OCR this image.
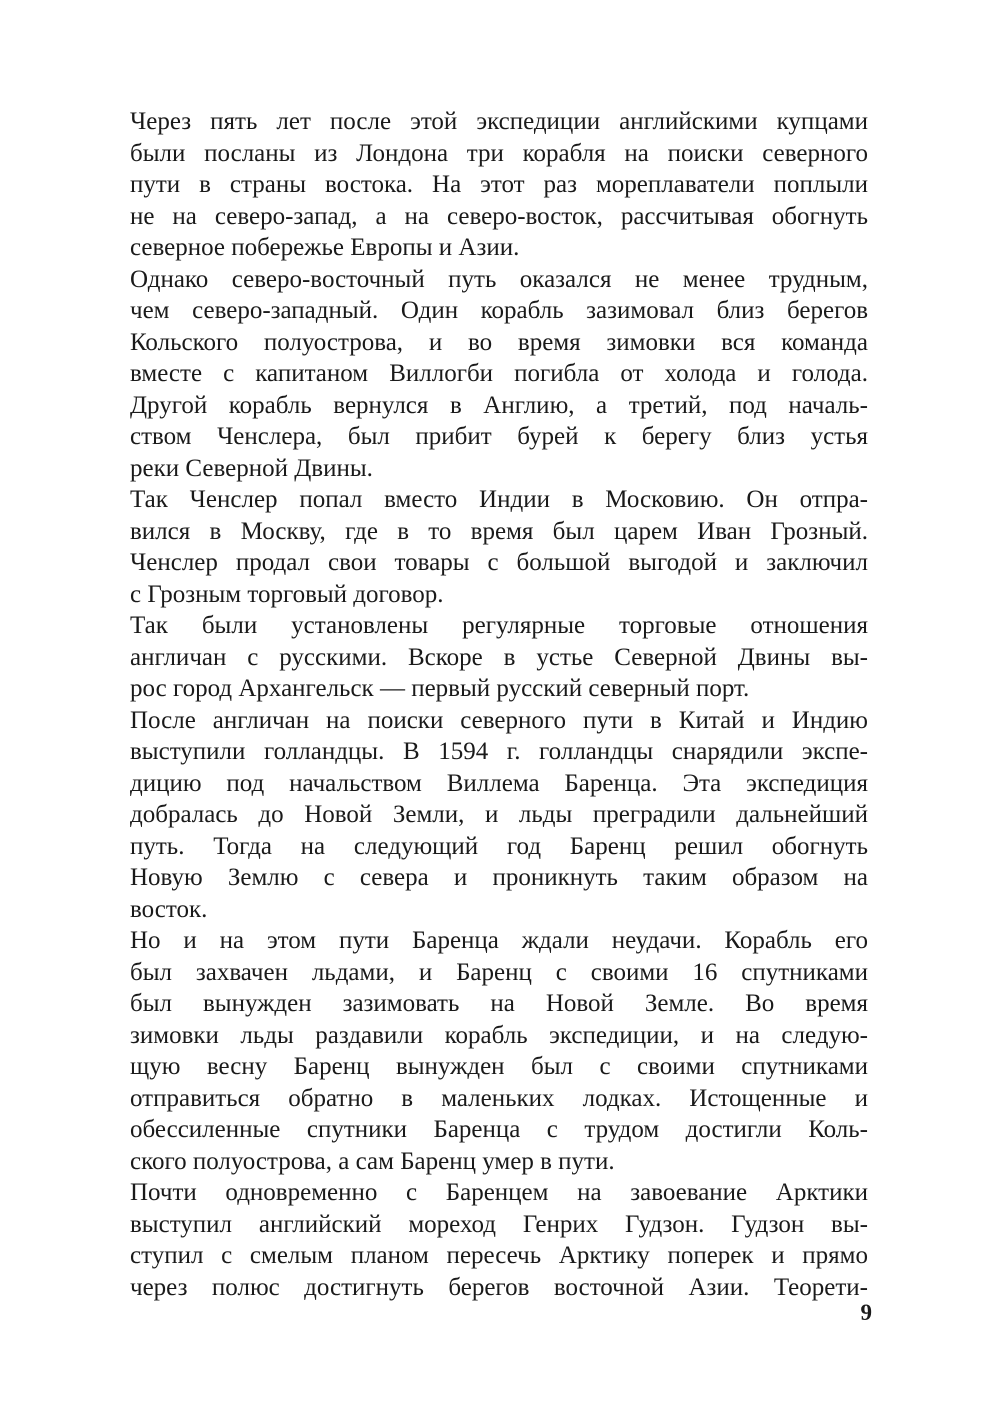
Через пять лет после этой экспедиции английскими купцами
были посланы из Лондона три корабля на поиски северного
пути в страны востока. На этот раз мореплаватели поплыли
не на северо-запад, а на северо-восток, рассчитывая обогнуть
северное побережье Европы и Азии.
Однако северо-восточный путь оказался не менее трудным,
чем северо-западный. Один корабль зазимовал близ берегов
Кольского полуострова, и во время зимовки вся команда
вместе с капитаном Виллогби погибла от холода и голода.
Другой корабль вернулся в Англию, а третий, под началь-
ством Ченслера, был прибит бурей к берегу близ устья
реки Северной Двины.
Так Ченслер попал вместо Индии в Московию. Он отпра-
вился в Москву, где в то время был царем Иван Грозный.
Ченслер продал свои товары с большой выгодой и заключил
с Грозным торговый договор.
Так были установлены регулярные торговые отношения
англичан с русскими. Вскоре в устье Северной Двины вы-
рос город Архангельск — первый русский северный порт.
После англичан на поиски северного пути в Китай и Индию
выступили голландцы. В 1594 г. голландцы снарядили экспе-
дицию под начальством Виллема Баренца. Эта экспедиция
добралась до Новой Земли, и льды преградили дальнейший
путь. Тогда на следующий год Баренц решил обогнуть
Новую Землю с севера и проникнуть таким образом на
восток.
Но и на этом пути Баренца ждали неудачи. Корабль его
был захвачен льдами, и Баренц с своими 16 спутниками
был вынужден зазимовать на Новой Земле. Во время
зимовки льды раздавили корабль экспедиции, и на следую-
щую весну Баренц вынужден был с своими спутниками
отправиться обратно в маленьких лодках. Истощенные и
обессиленные спутники Баренца с трудом достигли Коль-
ского полуострова, а сам Баренц умер в пути.
Почти одновременно с Баренцем на завоевание Арктики
выступил английский мореход Генрих Гудзон. Гудзон вы-
ступил с смелым планом пересечь Арктику поперек и прямо
через полюс достигнуть берегов восточной Азии. Теорети-
9
